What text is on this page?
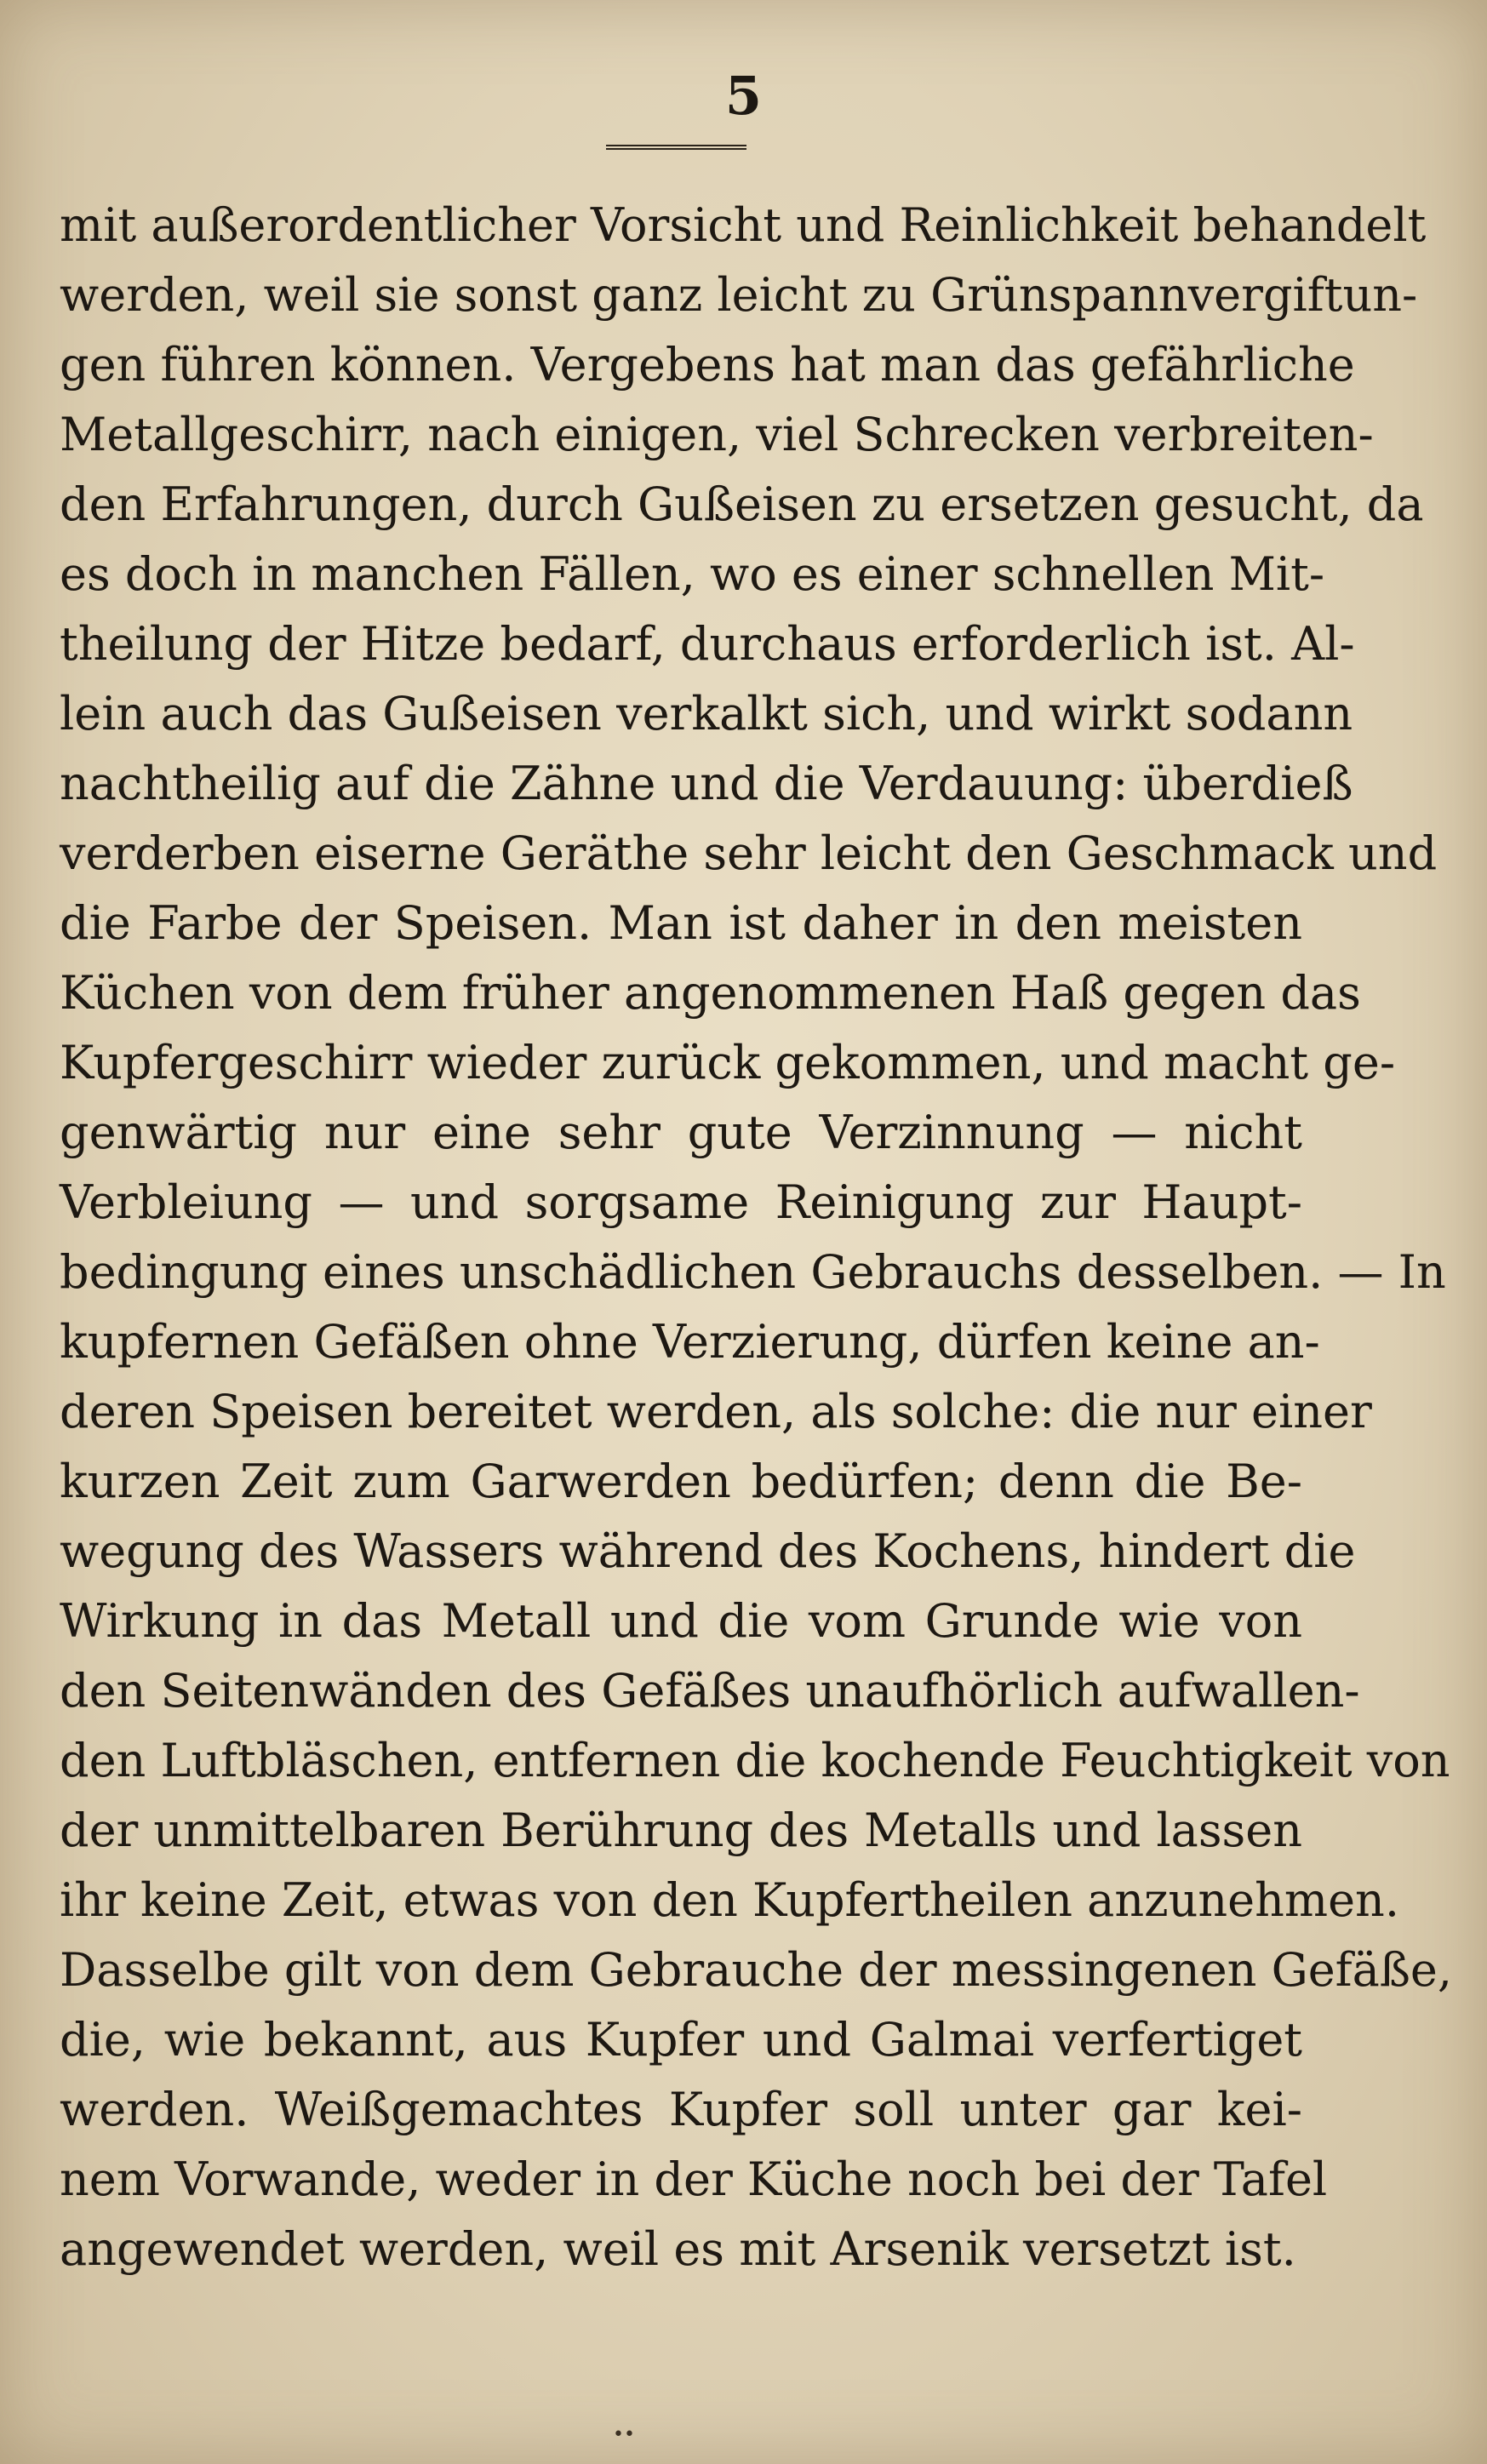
5
mit außerordentlicher Vorsicht und Reinlichkeit behandelt
werden, weil sie sonst ganz leicht zu Grünspannvergiftun-
gen führen können. Vergebens hat man das gefährliche
Metallgeschirr, nach einigen, viel Schrecken verbreiten-
den Erfahrungen, durch Gußeisen zu ersetzen gesucht, da
es doch in manchen Fällen, wo es einer schnellen Mit-
theilung der Hitze bedarf, durchaus erforderlich ist. Al-
lein auch das Gußeisen verkalkt sich, und wirkt sodann
nachtheilig auf die Zähne und die Verdauung: überdieß
verderben eiserne Geräthe sehr leicht den Geschmack und
die Farbe der Speisen. Man ist daher in den meisten
Küchen von dem früher angenommenen Haß gegen das
Kupfergeschirr wieder zurück gekommen, und macht ge-
genwärtig nur eine sehr gute Verzinnung — nicht
Verbleiung — und sorgsame Reinigung zur Haupt-
bedingung eines unschädlichen Gebrauchs desselben. — In
kupfernen Gefäßen ohne Verzierung, dürfen keine an-
deren Speisen bereitet werden, als solche: die nur einer
kurzen Zeit zum Garwerden bedürfen; denn die Be-
wegung des Wassers während des Kochens, hindert die
Wirkung in das Metall und die vom Grunde wie von
den Seitenwänden des Gefäßes unaufhörlich aufwallen-
den Luftbläschen, entfernen die kochende Feuchtigkeit von
der unmittelbaren Berührung des Metalls und lassen
ihr keine Zeit, etwas von den Kupfertheilen anzunehmen.
Dasselbe gilt von dem Gebrauche der messingenen Gefäße,
die, wie bekannt, aus Kupfer und Galmai verfertiget
werden. Weißgemachtes Kupfer soll unter gar kei-
nem Vorwande, weder in der Küche noch bei der Tafel
angewendet werden, weil es mit Arsenik versetzt ist.
••
